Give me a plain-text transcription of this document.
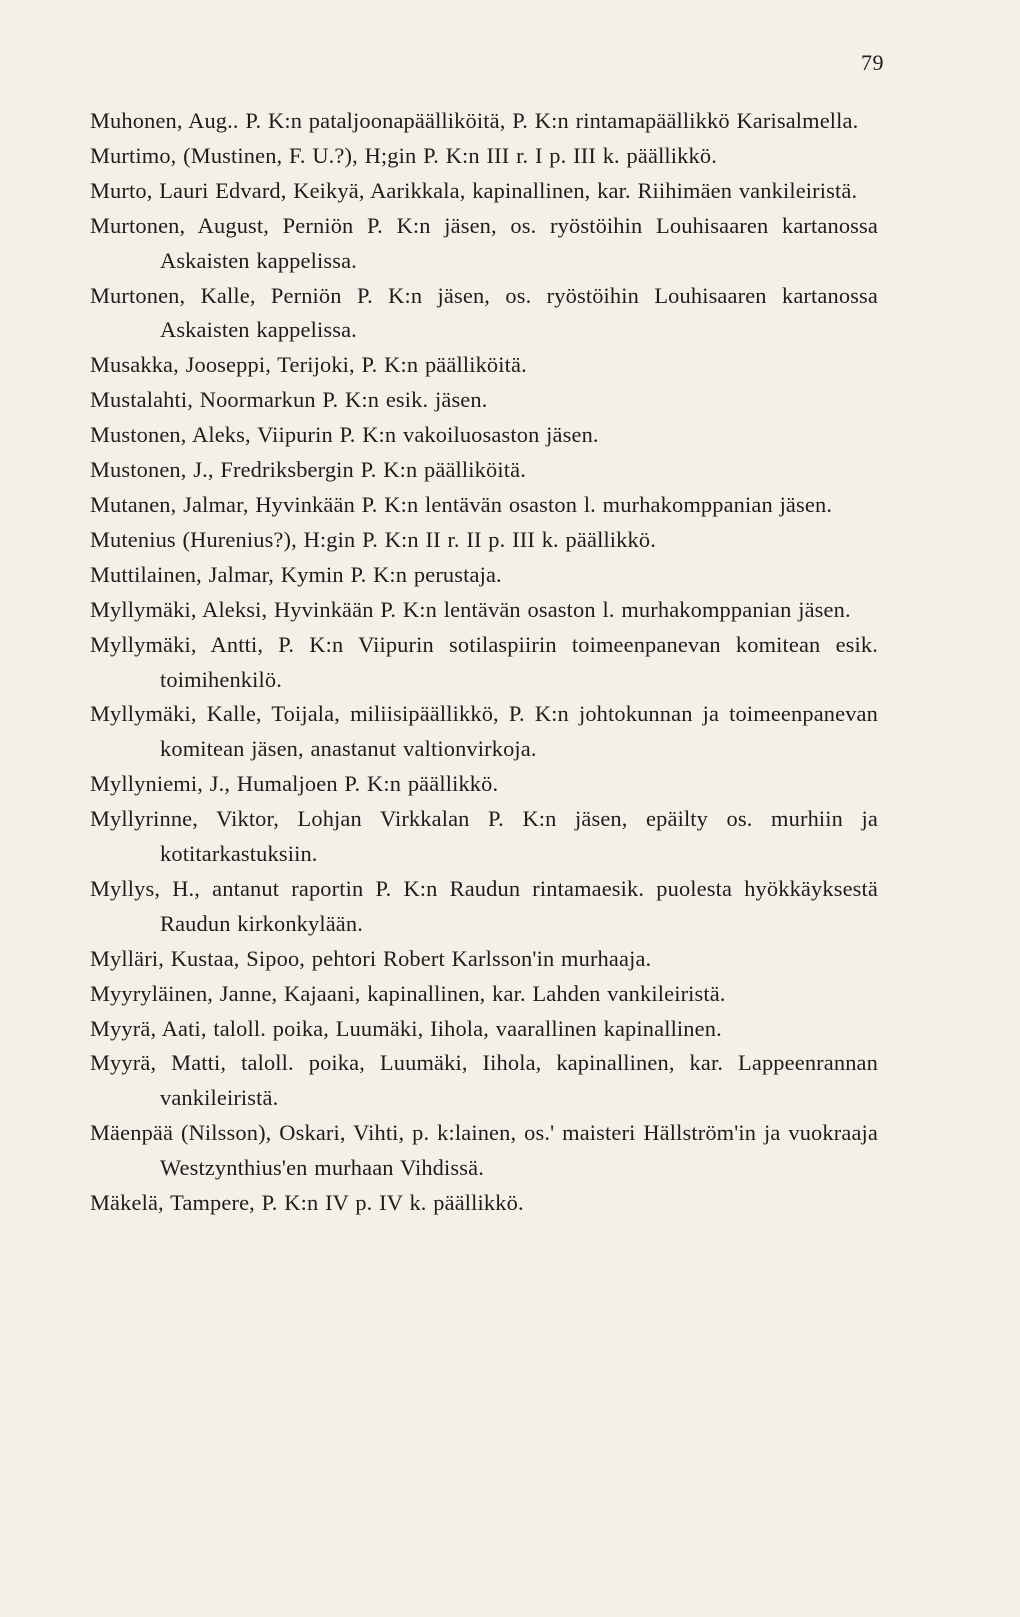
79
Muhonen, Aug.. P. K:n pataljoonapäälliköitä, P. K:n rintamapäällikkö Karisalmella.
Murtimo, (Mustinen, F. U.?), H;gin P. K:n III r. I p. III k. päällikkö.
Murto, Lauri Edvard, Keikyä, Aarikkala, kapinallinen, kar. Riihimäen vankileiristä.
Murtonen, August, Perniön P. K:n jäsen, os. ryöstöihin Louhisaaren kartanossa Askaisten kappelissa.
Murtonen, Kalle, Perniön P. K:n jäsen, os. ryöstöihin Louhisaaren kartanossa Askaisten kappelissa.
Musakka, Jooseppi, Terijoki, P. K:n päälliköitä.
Mustalahti, Noormarkun P. K:n esik. jäsen.
Mustonen, Aleks, Viipurin P. K:n vakoiluosaston jäsen.
Mustonen, J., Fredriksbergin P. K:n päälliköitä.
Mutanen, Jalmar, Hyvinkään P. K:n lentävän osaston l. murhakomppanian jäsen.
Mutenius (Hurenius?), H:gin P. K:n II r. II p. III k. päällikkö.
Muttilainen, Jalmar, Kymin P. K:n perustaja.
Myllymäki, Aleksi, Hyvinkään P. K:n lentävän osaston l. murhakomppanian jäsen.
Myllymäki, Antti, P. K:n Viipurin sotilaspiirin toimeenpanevan komitean esik. toimihenkilö.
Myllymäki, Kalle, Toijala, miliisipäällikkö, P. K:n johtokunnan ja toimeenpanevan komitean jäsen, anastanut valtionvirkoja.
Myllyniemi, J., Humaljoen P. K:n päällikkö.
Myllyrinne, Viktor, Lohjan Virkkalan P. K:n jäsen, epäilty os. murhiin ja kotitarkastuksiin.
Myllys, H., antanut raportin P. K:n Raudun rintamaesik. puolesta hyökkäyksestä Raudun kirkonkylään.
Mylläri, Kustaa, Sipoo, pehtori Robert Karlsson'in murhaaja.
Myyryläinen, Janne, Kajaani, kapinallinen, kar. Lahden vankileiristä.
Myyrä, Aati, taloll. poika, Luumäki, Iihola, vaarallinen kapinallinen.
Myyrä, Matti, taloll. poika, Luumäki, Iihola, kapinallinen, kar. Lappeenrannan vankileiristä.
Mäenpää (Nilsson), Oskari, Vihti, p. k:lainen, os.' maisteri Hällström'in ja vuokraaja Westzynthius'en murhaan Vihdissä.
Mäkelä, Tampere, P. K:n IV p. IV k. päällikkö.
